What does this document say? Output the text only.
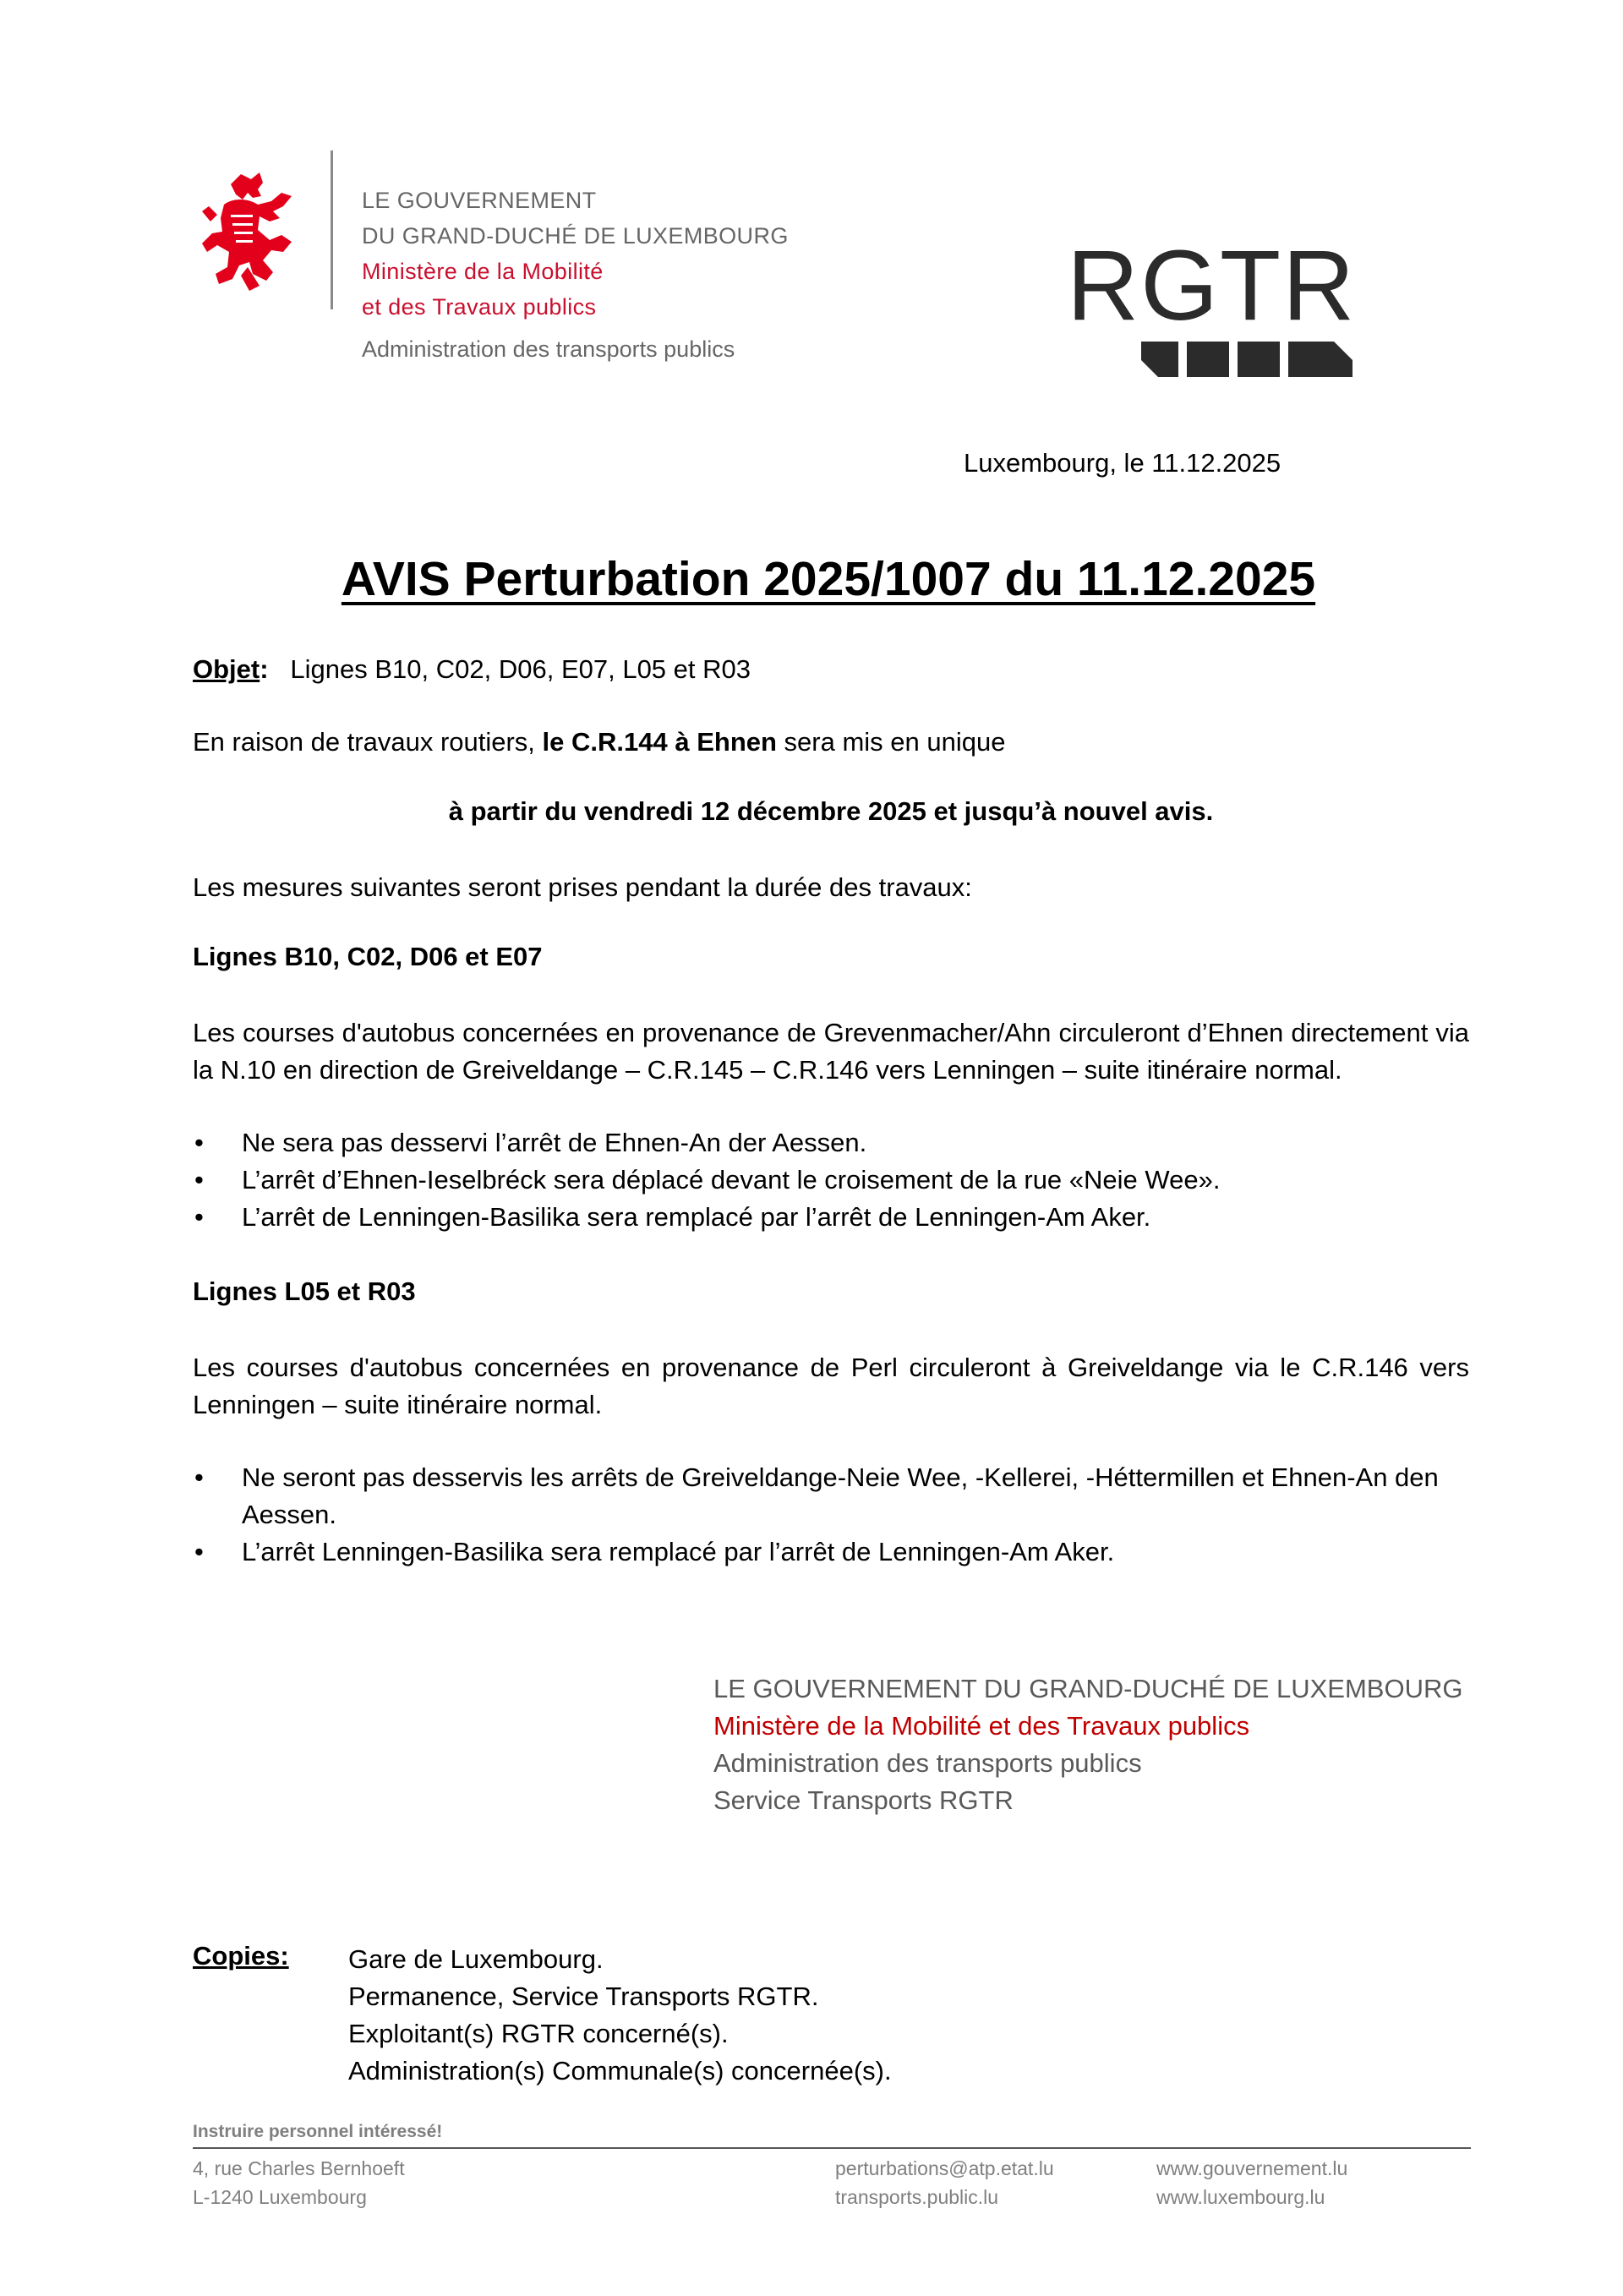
LE GOUVERNEMENT
DU GRAND-DUCHÉ DE LUXEMBOURG
Ministère de la Mobilité
et des Travaux publics
Administration des transports publics
RGTR
Luxembourg, le 11.12.2025
AVIS Perturbation 2025/1007 du 11.12.2025
Objet: Lignes B10, C02, D06, E07, L05 et R03
En raison de travaux routiers, le C.R.144 à Ehnen sera mis en unique
à partir du vendredi 12 décembre 2025 et jusqu’à nouvel avis.
Les mesures suivantes seront prises pendant la durée des travaux:
Lignes B10, C02, D06 et E07
Les courses d'autobus concernées en provenance de Grevenmacher/Ahn circuleront d’Ehnen directement via la N.10 en direction de Greiveldange – C.R.145 – C.R.146 vers Lenningen – suite itinéraire normal.
• Ne sera pas desservi l’arrêt de Ehnen-An der Aessen.
• L’arrêt d’Ehnen-Ieselbréck sera déplacé devant le croisement de la rue «Neie Wee».
• L’arrêt de Lenningen-Basilika sera remplacé par l’arrêt de Lenningen-Am Aker.
Lignes L05 et R03
Les courses d'autobus concernées en provenance de Perl circuleront à Greiveldange via le C.R.146 vers Lenningen – suite itinéraire normal.
• Ne seront pas desservis les arrêts de Greiveldange-Neie Wee, -Kellerei, -Héttermillen et Ehnen-An den Aessen.
• L’arrêt Lenningen-Basilika sera remplacé par l’arrêt de Lenningen-Am Aker.
LE GOUVERNEMENT DU GRAND-DUCHÉ DE LUXEMBOURG
Ministère de la Mobilité et des Travaux publics
Administration des transports publics
Service Transports RGTR
Copies: Gare de Luxembourg.
Permanence, Service Transports RGTR.
Exploitant(s) RGTR concerné(s).
Administration(s) Communale(s) concernée(s).
Instruire personnel intéressé!
4, rue Charles Bernhoeft
L-1240 Luxembourg
perturbations@atp.etat.lu
transports.public.lu
www.gouvernement.lu
www.luxembourg.lu
